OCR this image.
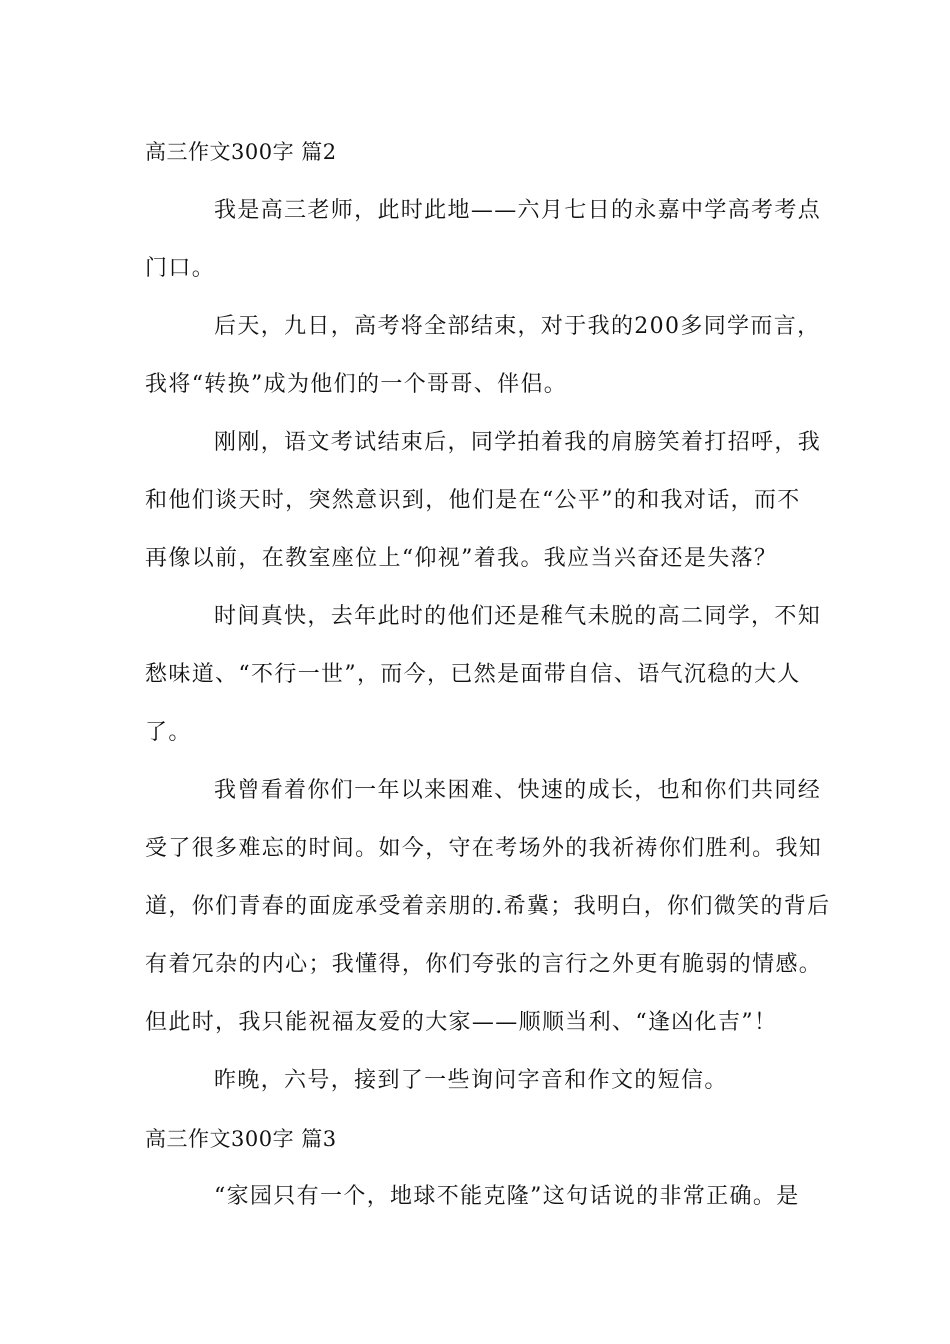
高三作文300字 篇2
我是高三老师，此时此地——六月七日的永嘉中学高考考点
门口。
后天，九日，高考将全部结束，对于我的200多同学而言，
我将“转换”成为他们的一个哥哥、伴侣。
刚刚，语文考试结束后，同学拍着我的肩膀笑着打招呼，我
和他们谈天时，突然意识到，他们是在“公平”的和我对话，而不
再像以前，在教室座位上“仰视”着我。我应当兴奋还是失落？
时间真快，去年此时的他们还是稚气未脱的高二同学，不知
愁味道、“不行一世”，而今，已然是面带自信、语气沉稳的大人
了。
我曾看着你们一年以来困难、快速的成长，也和你们共同经
受了很多难忘的时间。如今，守在考场外的我祈祷你们胜利。我知
道，你们青春的面庞承受着亲朋的.希冀；我明白，你们微笑的背后
有着冗杂的内心；我懂得，你们夸张的言行之外更有脆弱的情感。
但此时，我只能祝福友爱的大家——顺顺当利、“逢凶化吉”！
昨晚，六号，接到了一些询问字音和作文的短信。
高三作文300字 篇3
“家园只有一个，地球不能克隆”这句话说的非常正确。是
